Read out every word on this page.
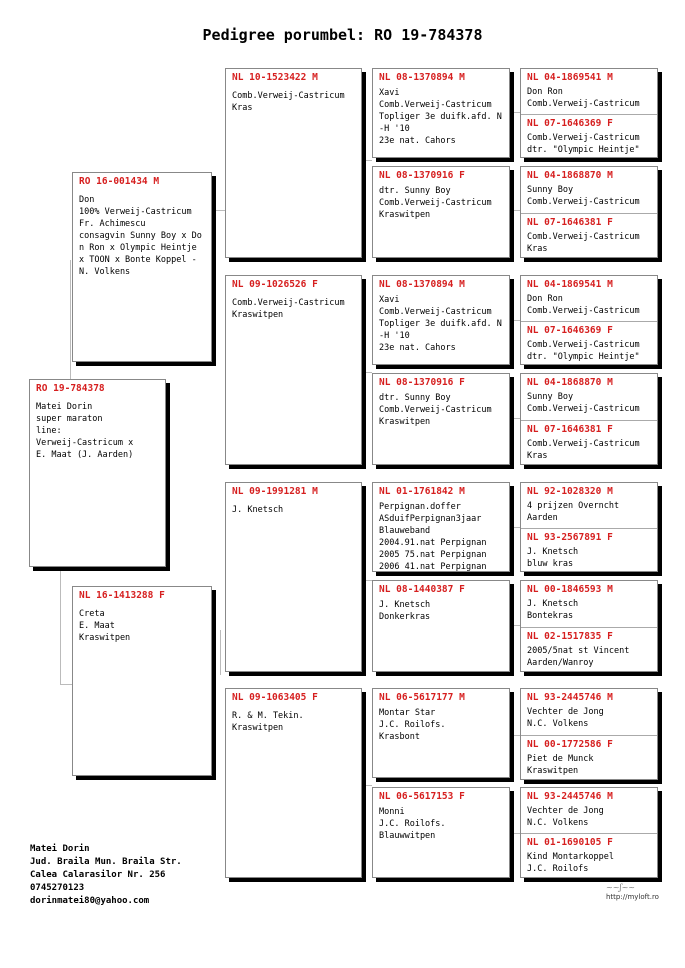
Pedigree porumbel: RO 19-784378
RO 19-784378
Matei Dorin
super maraton
line:
Verweij-Castricum x
E. Maat (J. Aarden)
RO 16-001434 M
Don
100% Verweij-Castricum
Fr. Achimescu
consagvin Sunny Boy x Don Ron x Olympic Heintje x TOON x Bonte Koppel -
N. Volkens
NL 16-1413288 F
Creta
E. Maat
Kraswitpen
NL 10-1523422 M
Comb.Verweij-Castricum
Kras
NL 09-1026526 F
Comb.Verweij-Castricum
Kraswitpen
NL 09-1991281 M
J. Knetsch
NL 09-1063405 F
R. & M. Tekin.
Kraswitpen
NL 08-1370894 M
Xavi
Comb.Verweij-Castricum
Topliger 3e duifk.afd. N-H '10
23e nat. Cahors
NL 08-1370916 F
dtr. Sunny Boy
Comb.Verweij-Castricum
Kraswitpen
NL 08-1370894 M
Xavi
Comb.Verweij-Castricum
Topliger 3e duifk.afd. N-H '10
23e nat. Cahors
NL 08-1370916 F
dtr. Sunny Boy
Comb.Verweij-Castricum
Kraswitpen
NL 01-1761842 M
Perpignan.doffer
ASduifPerpignan3jaar
Blauweband
2004.91.nat Perpignan
2005 75.nat Perpignan
2006 41.nat Perpignan
NL 08-1440387 F
J. Knetsch
Donkerkras
NL 06-5617177 M
Montar Star
J.C. Roilofs.
Krasbont
NL 06-5617153 F
Monni
J.C. Roilofs.
Blauwwitpen
NL 04-1869541 M
Don Ron
Comb.Verweij-Castricum
NL 07-1646369 F
Comb.Verweij-Castricum
dtr. "Olympic Heintje"
NL 04-1868870 M
Sunny Boy
Comb.Verweij-Castricum
NL 07-1646381 F
Comb.Verweij-Castricum
Kras
NL 04-1869541 M
Don Ron
Comb.Verweij-Castricum
NL 07-1646369 F
Comb.Verweij-Castricum
dtr. "Olympic Heintje"
NL 04-1868870 M
Sunny Boy
Comb.Verweij-Castricum
NL 07-1646381 F
Comb.Verweij-Castricum
Kras
NL 92-1028320 M
4 prijzen Overncht
Aarden
NL 93-2567891 F
J. Knetsch
bluw kras
NL 00-1846593 M
J. Knetsch
Bontekras
NL 02-1517835 F
2005/5nat st Vincent
Aarden/Wanroy
NL 93-2445746 M
Vechter de Jong
N.C. Volkens
NL 00-1772586 F
Piet de Munck
Kraswitpen
NL 93-2445746 M
Vechter de Jong
N.C. Volkens
NL 01-1690105 F
Kind Montarkoppel
J.C. Roilofs
Matei Dorin
Jud. Braila Mun. Braila Str.
Calea Calarasilor Nr. 256
0745270123
dorinmatei80@yahoo.com
~~ʃ~~
http://myloft.ro
